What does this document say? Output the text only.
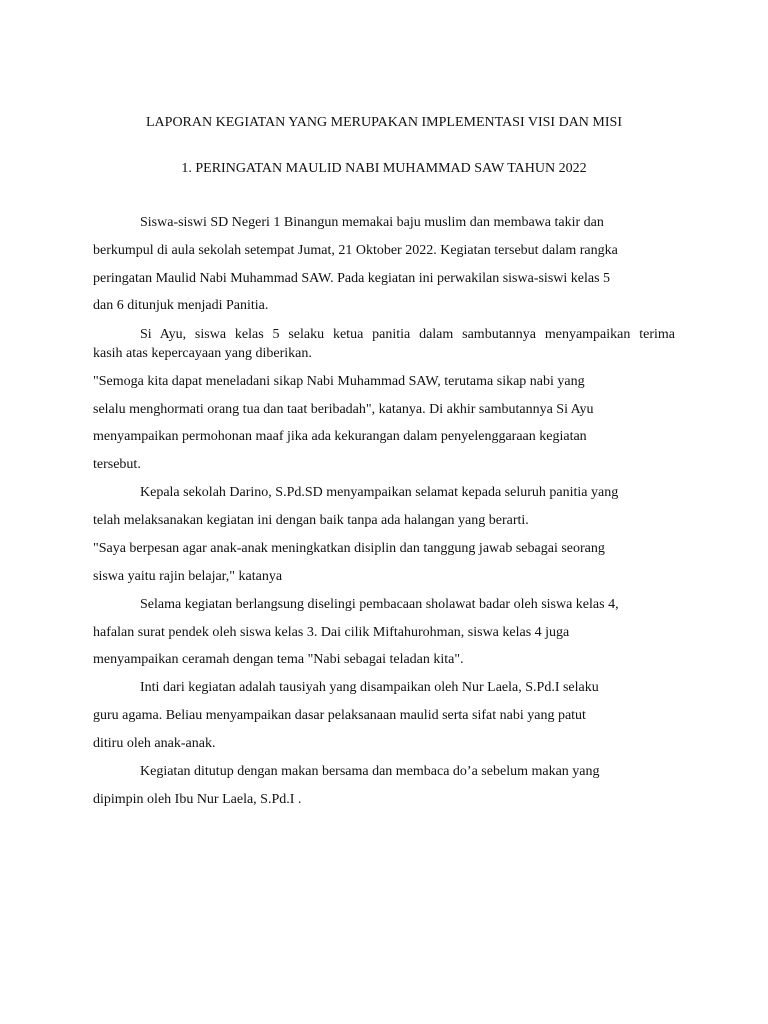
LAPORAN KEGIATAN YANG MERUPAKAN IMPLEMENTASI VISI DAN MISI
1. PERINGATAN MAULID NABI MUHAMMAD SAW TAHUN 2022

Siswa-siswi SD Negeri 1 Binangun memakai baju muslim dan membawa takir dan

berkumpul di aula sekolah setempat Jumat, 21 Oktober 2022. Kegiatan tersebut dalam rangka

peringatan Maulid Nabi Muhammad SAW. Pada kegiatan ini perwakilan siswa-siswi kelas 5

dan 6 ditunjuk menjadi Panitia.

Si Ayu, siswa kelas 5 selaku ketua panitia dalam sambutannya menyampaikan terima

kasih atas kepercayaan yang diberikan.

"Semoga kita dapat meneladani sikap Nabi Muhammad SAW, terutama sikap nabi yang

selalu menghormati orang tua dan taat beribadah", katanya. Di akhir sambutannya Si Ayu

menyampaikan permohonan maaf jika ada kekurangan dalam penyelenggaraan kegiatan

tersebut.

Kepala sekolah Darino, S.Pd.SD menyampaikan selamat kepada seluruh panitia yang

telah melaksanakan kegiatan ini dengan baik tanpa ada halangan yang berarti.

"Saya berpesan agar anak-anak meningkatkan disiplin dan tanggung jawab sebagai seorang

siswa yaitu rajin belajar," katanya

Selama kegiatan berlangsung diselingi pembacaan sholawat badar oleh siswa kelas 4,

hafalan surat pendek oleh siswa kelas 3. Dai cilik Miftahurohman, siswa kelas 4 juga

menyampaikan ceramah dengan tema "Nabi sebagai teladan kita".

Inti dari kegiatan adalah tausiyah yang disampaikan oleh Nur Laela, S.Pd.I selaku

guru agama. Beliau menyampaikan dasar pelaksanaan maulid serta sifat nabi yang patut

ditiru oleh anak-anak.

Kegiatan ditutup dengan makan bersama dan membaca do’a sebelum makan yang

dipimpin oleh Ibu Nur Laela, S.Pd.I .
